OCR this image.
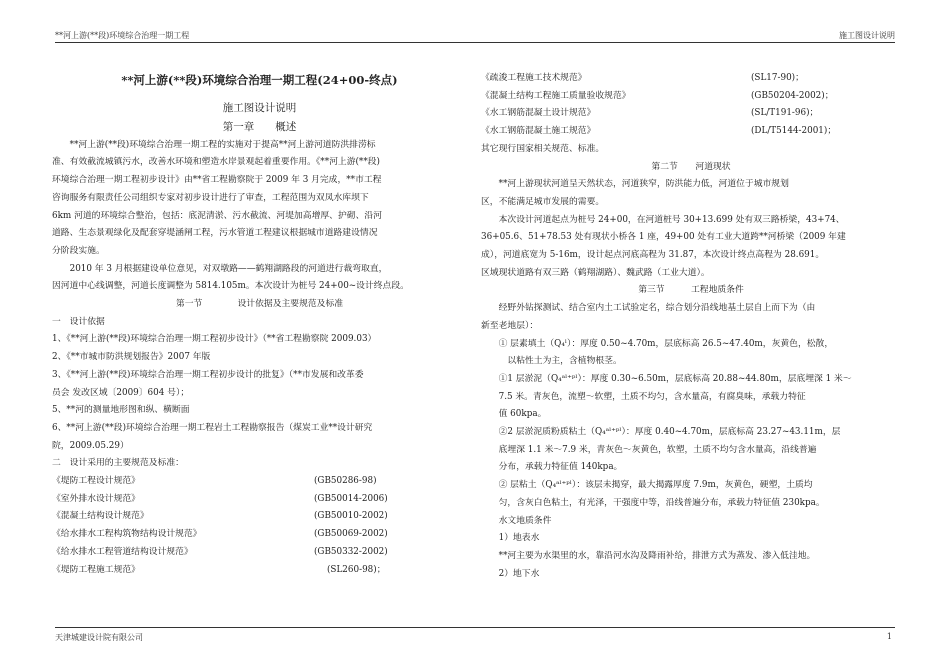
**河上游(**段)环境综合治理一期工程	施工图设计说明

**河上游(**段)环境综合治理一期工程(24+00-终点)

施工图设计说明

第一章　　概述

　　**河上游(**段)环境综合治理一期工程的实施对于提高**河上游河道防洪排涝标

准、有效截流城镇污水，改善水环境和塑造水岸景观起着重要作用。《**河上游(**段)

环境综合治理一期工程初步设计》由**省工程勘察院于 2009 年 3 月完成，**市工程

咨询服务有限责任公司组织专家对初步设计进行了审查，工程范围为双凤水库坝下

6km 河道的环境综合整治，包括：底泥清淤、污水截流、河堤加高增厚、护砌、沿河

道路、生态景观绿化及配套穿堤涵闸工程，污水管道工程建议根据城市道路建设情况

分阶段实施。

　　2010 年 3 月根据建设单位意见，对双墩路——鹤翔湖路段的河道进行裁弯取直，

因河道中心线调整，河道长度调整为 5814.105m。本次设计为桩号 24+00~设计终点段。

第一节　　　　设计依据及主要规范及标准

一　设计依据

1、《**河上游(**段)环境综合治理一期工程初步设计》（**省工程勘察院 2009.03）

2、《**市城市防洪规划报告》2007 年版

3、《**河上游(**段)环境综合治理一期工程初步设计的批复》（**市发展和改革委

员会 发改区域〔2009〕604 号）；

5、**河的测量地形图和纵、横断面

6、**河上游(**段)环境综合治理一期工程岩土工程勘察报告（煤炭工业**设计研究

院，2009.05.29）

二　设计采用的主要规范及标准：

《堤防工程设计规范》	(GB50286-98)

《室外排水设计规范》	(GB50014-2006)

《混凝土结构设计规范》	(GB50010-2002)

《给水排水工程构筑物结构设计规范》	(GB50069-2002)

《给水排水工程管道结构设计规范》	(GB50332-2002)

《堤防工程施工规范》	(SL260-98)；

《疏浚工程施工技术规范》	(SL17-90)；

《混凝土结构工程施工质量验收规范》	(GB50204-2002)；

《水工钢筋混凝土设计规范》	(SL/T191-96)；

《水工钢筋混凝土施工规范》	(DL/T5144-2001)；

其它现行国家相关规范、标准。

第二节　　河道现状

　　**河上游现状河道呈天然状态，河道狭窄，防洪能力低，河道位于城市规划

区，不能满足城市发展的需要。

　　本次设计河道起点为桩号 24+00，在河道桩号 30+13.699 处有双三路桥梁，43+74、

36+05.6、51+78.53 处有现状小桥各 1 座，49+00 处有工业大道跨**河桥梁（2009 年建

成），河道底宽为 5-16m，设计起点河底高程为 31.87，本次设计终点高程为 28.691。

区域现状道路有双三路（鹤翔湖路）、魏武路（工业大道）。

第三节　　　工程地质条件

　　经野外钻探测试、结合室内土工试验定名，综合划分沿线地基土层自上而下为（由

新至老地层）：

　　① 层素填土（Q₄ˡ）：厚度 0.50~4.70m，层底标高 26.5~47.40m，灰黄色，松散，

　　　以粘性土为主，含植物根茎。

　　①1 层淤泥（Q₄ᵃˡ⁺ᵖˡ）：厚度 0.30~6.50m，层底标高 20.88~44.80m，层底埋深 1 米～

　　7.5 米。青灰色，流塑～软塑，土质不均匀，含水量高，有腐臭味，承载力特征

　　值 60kpa。

　　②2 层淤泥质粉质粘土（Q₄ᵃˡ⁺ᵖˡ）：厚度 0.40~4.70m，层底标高 23.27~43.11m，层

　　底埋深 1.1 米～7.9 米，青灰色～灰黄色，软塑，土质不均匀含水量高，沿线普遍

　　分布，承载力特征值 140kpa。

　　② 层粘土（Q₄ᵃˡ⁺ᵖˡ）：该层未揭穿，最大揭露厚度 7.9m，灰黄色，硬塑，土质均

　　匀，含灰白色粘土，有光泽，干强度中等，沿线普遍分布，承载力特征值 230kpa。

　　水文地质条件

　　1）地表水

　　**河主要为水渠里的水，靠沿河水沟及降雨补给，排泄方式为蒸发、渗入低洼地。

　　2）地下水

天津城建设计院有限公司	1
